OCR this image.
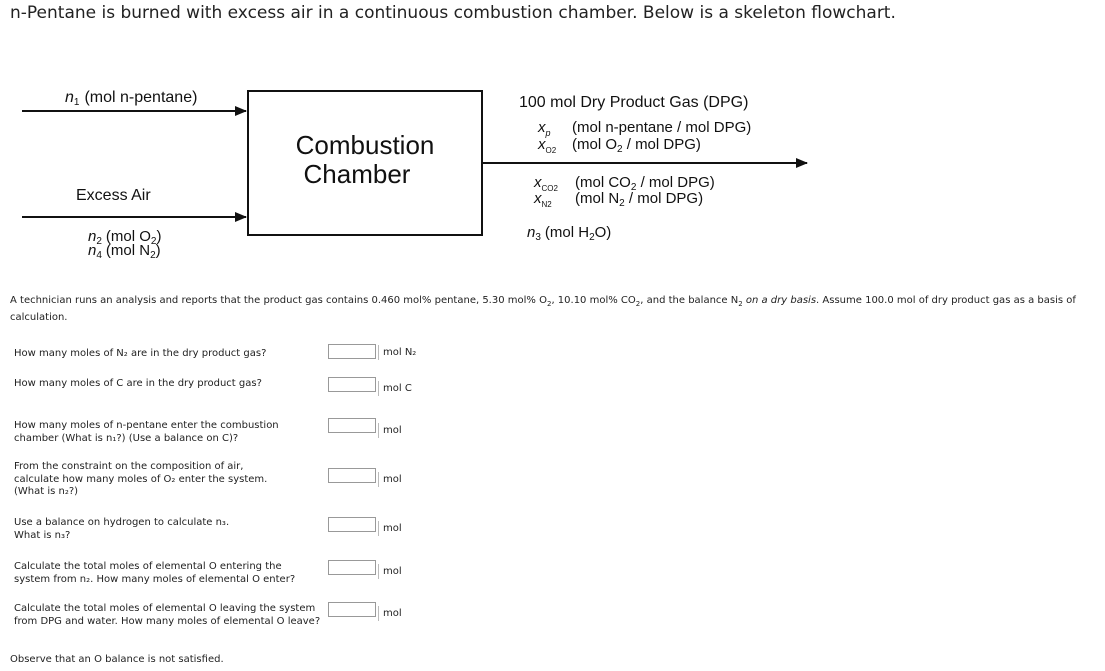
n-Pentane is burned with excess air in a continuous combustion chamber. Below is a skeleton flowchart.
n1 (mol n-pentane)
Excess Air
$n_2$ (mol $O_2$)
$n_4$ (mol $N_2$)
Combustion
Chamber
100 mol Dry Product Gas (DPG)
$x_p$ (mol n-pentane / mol DPG)
$x_{O2}$ (mol $O_2$ / mol DPG)
$x_{CO2}$ (mol $CO_2$ / mol DPG)
$x_{N2}$ (mol $N_2$ / mol DPG)
$n_3$ (mol $H_2O$)
A technician runs an analysis and reports that the product gas contains 0.460 mol% pentane, 5.30 mol% $O_2$, 10.10 mol% $CO_2$, and the balance $N_2$ on a dry basis. Assume 100.0 mol of dry product gas as a basis of calculation.
How many moles of N₂ are in the dry product gas?	mol N₂
How many moles of C are in the dry product gas?	mol C
How many moles of n-pentane enter the combustion chamber (What is n₁?) (Use a balance on C)?
mol
From the constraint on the composition of air, calculate how many moles of O₂ enter the system. (What is n₂?)
mol
Use a balance on hydrogen to calculate n₃. What is n₃?
mol
Calculate the total moles of elemental O entering the system from n₂. How many moles of elemental O enter?
mol
Calculate the total moles of elemental O leaving the system from DPG and water. How many moles of elemental O leave?
mol
Observe that an O balance is not satisfied.
